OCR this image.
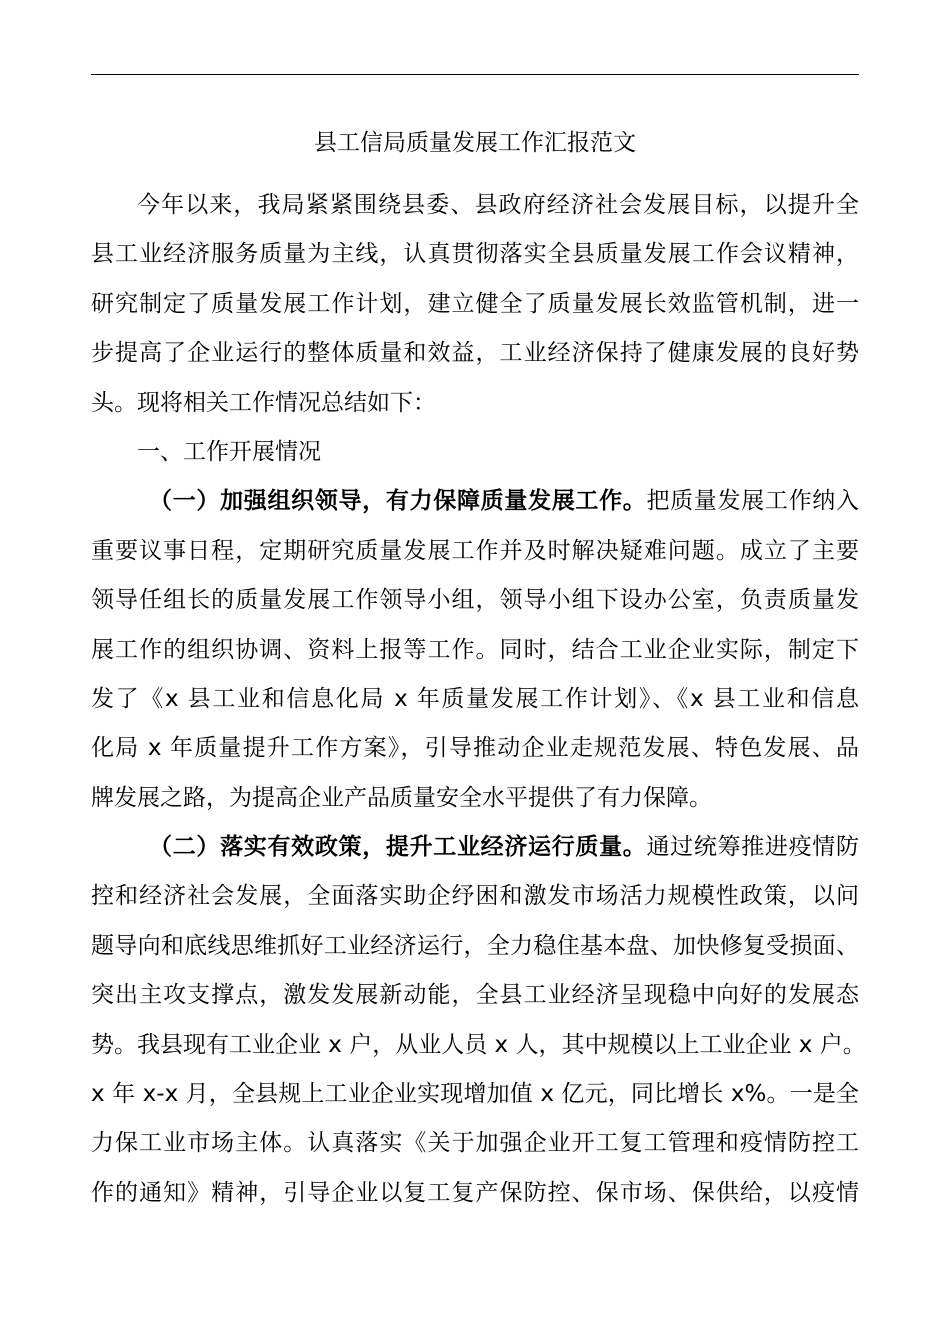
县工信局质量发展工作汇报范文
今年以来，我局紧紧围绕县委、县政府经济社会发展目标，以提升全
县工业经济服务质量为主线，认真贯彻落实全县质量发展工作会议精神，
研究制定了质量发展工作计划，建立健全了质量发展长效监管机制，进一
步提高了企业运行的整体质量和效益，工业经济保持了健康发展的良好势
头。现将相关工作情况总结如下：
一、工作开展情况
（一）加强组织领导，有力保障质量发展工作。把质量发展工作纳入
重要议事日程，定期研究质量发展工作并及时解决疑难问题。成立了主要
领导任组长的质量发展工作领导小组，领导小组下设办公室，负责质量发
展工作的组织协调、资料上报等工作。同时，结合工业企业实际，制定下
发了《x 县工业和信息化局 x 年质量发展工作计划》、《x 县工业和信息
化局 x 年质量提升工作方案》，引导推动企业走规范发展、特色发展、品
牌发展之路，为提高企业产品质量安全水平提供了有力保障。
（二）落实有效政策，提升工业经济运行质量。通过统筹推进疫情防
控和经济社会发展，全面落实助企纾困和激发市场活力规模性政策，以问
题导向和底线思维抓好工业经济运行，全力稳住基本盘、加快修复受损面、
突出主攻支撑点，激发发展新动能，全县工业经济呈现稳中向好的发展态
势。我县现有工业企业 x 户，从业人员 x 人，其中规模以上工业企业 x 户。
x 年 x-x 月，全县规上工业企业实现增加值 x 亿元，同比增长 x%。一是全
力保工业市场主体。认真落实《关于加强企业开工复工管理和疫情防控工
作的通知》精神，引导企业以复工复产保防控、保市场、保供给，以疫情
